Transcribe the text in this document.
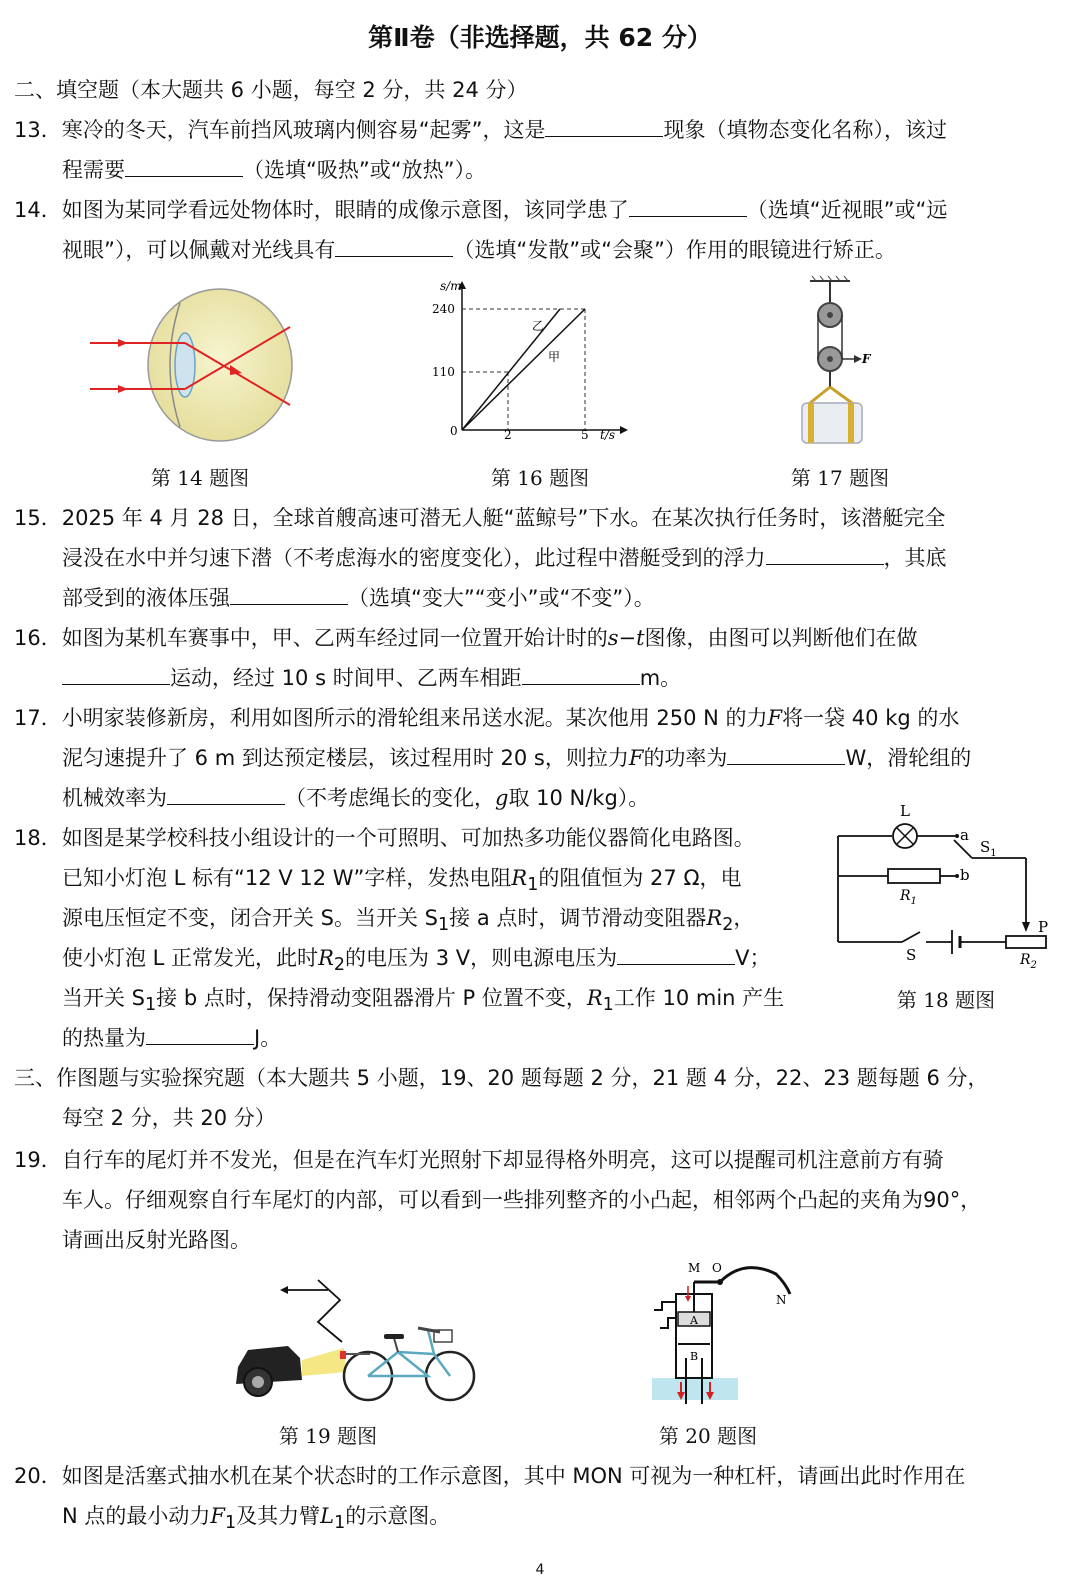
第Ⅱ卷（非选择题，共 62 分）
二、填空题（本大题共 6 小题，每空 2 分，共 24 分）
13．寒冷的冬天，汽车前挡风玻璃内侧容易“起雾”，这是	现象（填物态变化名称），该过
程需要	（选填“吸热”或“放热”）。
14．如图为某同学看远处物体时，眼睛的成像示意图，该同学患了	（选填“近视眼”或“远
视眼”），可以佩戴对光线具有	（选填“发散”或“会聚”）作用的眼镜进行矫正。
第 14 题图
s/m
240
110
0	2	5 t/s
乙
甲
第 16 题图
F
第 17 题图
15．2025 年 4 月 28 日，全球首艘高速可潜无人艇“蓝鲸号”下水。在某次执行任务时，该潜艇完全
浸没在水中并匀速下潜（不考虑海水的密度变化），此过程中潜艇受到的浮力	，其底
部受到的液体压强	（选填“变大”“变小”或“不变”）。
16．如图为某机车赛事中，甲、乙两车经过同一位置开始计时的s−t图像，由图可以判断他们在做
运动，经过 10 s 时间甲、乙两车相距	m。
17．小明家装修新房，利用如图所示的滑轮组来吊送水泥。某次他用 250 N 的力F将一袋 40 kg 的水
泥匀速提升了 6 m 到达预定楼层，该过程用时 20 s，则拉力F的功率为	W，滑轮组的
机械效率为	（不考虑绳长的变化，g取 10 N/kg）。
18．如图是某学校科技小组设计的一个可照明、可加热多功能仪器简化电路图。
已知小灯泡 L 标有“12 V 12 W”字样，发热电阻$R_1$的阻值恒为 27 Ω，电
源电压恒定不变，闭合开关 S。当开关 $S_1$接 a 点时，调节滑动变阻器$R_2$，
使小灯泡 L 正常发光，此时$R_2$的电压为 3 V，则电源电压为	V；
当开关 $S_1$接 b 点时，保持滑动变阻器滑片 P 位置不变，$R_1$工作 10 min 产生
的热量为	J。
L
a
b
$S_1$
$R_1$
P
S	$R_2$
第 18 题图
三、作图题与实验探究题（本大题共 5 小题，19、20 题每题 2 分，21 题 4 分，22、23 题每题 6 分，
每空 2 分，共 20 分）
19．自行车的尾灯并不发光，但是在汽车灯光照射下却显得格外明亮，这可以提醒司机注意前方有骑
车人。仔细观察自行车尾灯的内部，可以看到一些排列整齐的小凸起，相邻两个凸起的夹角为90°，
请画出反射光路图。
第 19 题图
M O
N
A
B
第 20 题图
20．如图是活塞式抽水机在某个状态时的工作示意图，其中 MON 可视为一种杠杆，请画出此时作用在
N 点的最小动力$F_1$及其力臂$L_1$的示意图。
4
